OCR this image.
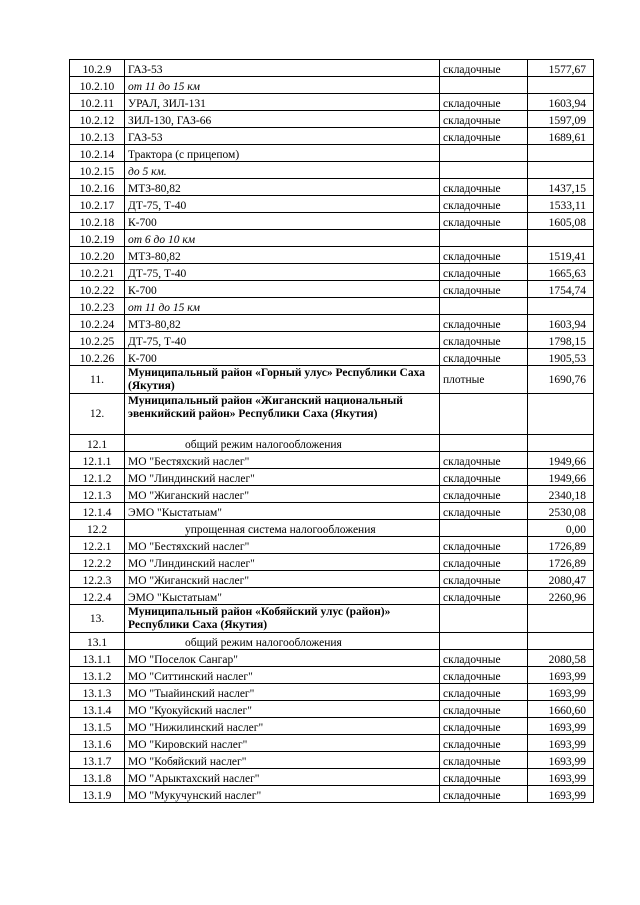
10.2.9	ГАЗ-53	складочные	1577,67
10.2.10	от 11 до 15 км		
10.2.11	УРАЛ, ЗИЛ-131	складочные	1603,94
10.2.12	ЗИЛ-130, ГАЗ-66	складочные	1597,09
10.2.13	ГАЗ-53	складочные	1689,61
10.2.14	Трактора (с прицепом)		
10.2.15	до 5 км.		
10.2.16	МТЗ-80,82	складочные	1437,15
10.2.17	ДТ-75, Т-40	складочные	1533,11
10.2.18	К-700	складочные	1605,08
10.2.19	от 6 до 10 км		
10.2.20	МТЗ-80,82	складочные	1519,41
10.2.21	ДТ-75, Т-40	складочные	1665,63
10.2.22	К-700	складочные	1754,74
10.2.23	от 11 до 15 км		
10.2.24	МТЗ-80,82	складочные	1603,94
10.2.25	ДТ-75, Т-40	складочные	1798,15
10.2.26	К-700	складочные	1905,53
11.	Муниципальный район «Горный улус» Республики Саха (Якутия)	плотные	1690,76
12.	Муниципальный район «Жиганский национальный эвенкийский район» Республики Саха (Якутия)		
12.1	общий режим налогообложения		
12.1.1	МО "Бестяхский наслег"	складочные	1949,66
12.1.2	МО "Линдинский наслег"	складочные	1949,66
12.1.3	МО "Жиганский наслег"	складочные	2340,18
12.1.4	ЭМО "Кыстатыам"	складочные	2530,08
12.2	упрощенная система налогообложения		0,00
12.2.1	МО "Бестяхский наслег"	складочные	1726,89
12.2.2	МО "Линдинский наслег"	складочные	1726,89
12.2.3	МО "Жиганский наслег"	складочные	2080,47
12.2.4	ЭМО "Кыстатыам"	складочные	2260,96
13.	Муниципальный район «Кобяйский улус (район)» Республики Саха (Якутия)		
13.1	общий режим налогообложения		
13.1.1	МО "Поселок Сангар"	складочные	2080,58
13.1.2	МО "Ситтинский наслег"	складочные	1693,99
13.1.3	МО "Тыайинский наслег"	складочные	1693,99
13.1.4	МО "Куокуйский наслег"	складочные	1660,60
13.1.5	МО "Нижилинский наслег"	складочные	1693,99
13.1.6	МО "Кировский наслег"	складочные	1693,99
13.1.7	МО "Кобяйский наслег"	складочные	1693,99
13.1.8	МО "Арыктахский наслег"	складочные	1693,99
13.1.9	МО "Мукучунский наслег"	складочные	1693,99
